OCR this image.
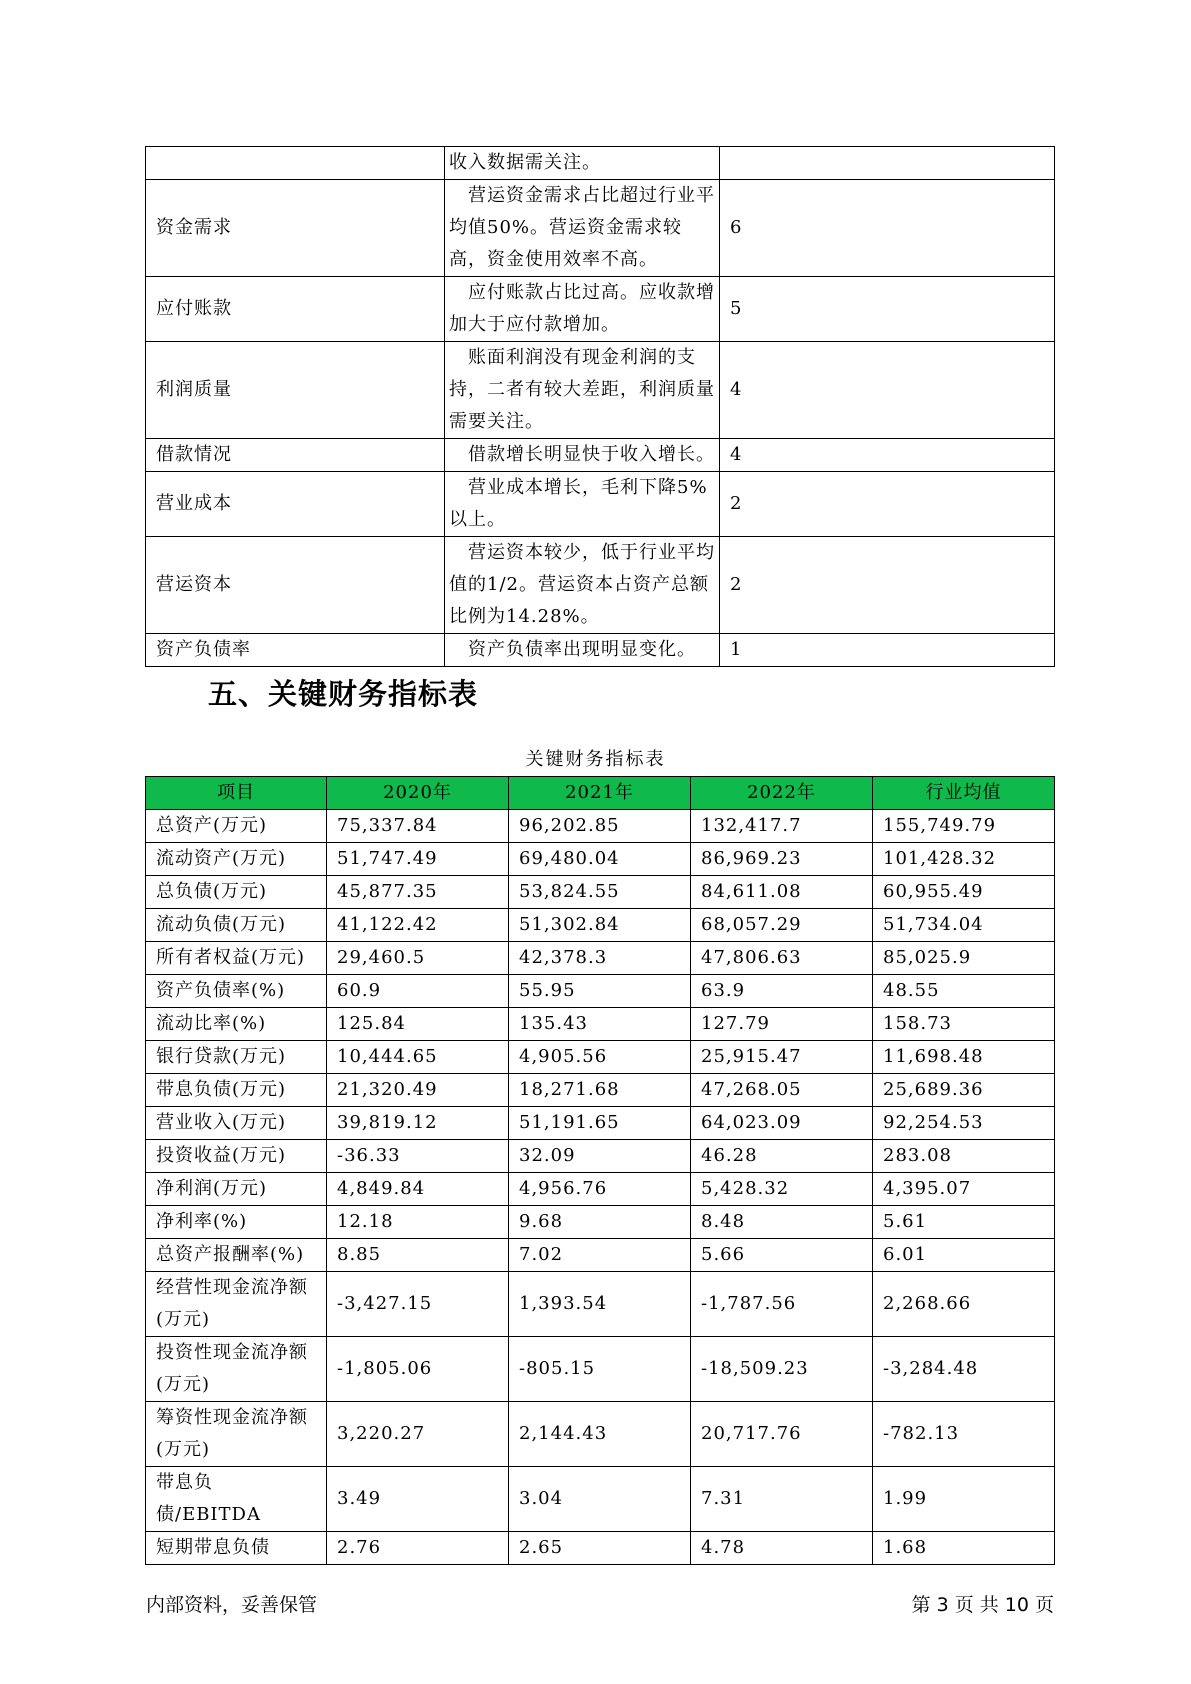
	收入数据需关注。	
资金需求	　营运资金需求占比超过行业平均值50%。营运资金需求较高，资金使用效率不高。	6
应付账款	　应付账款占比过高。应收款增加大于应付款增加。	5
利润质量	　账面利润没有现金利润的支持，二者有较大差距，利润质量需要关注。	4
借款情况	　借款增长明显快于收入增长。	4
营业成本	　营业成本增长，毛利下降5%以上。	2
营运资本	　营运资本较少，低于行业平均值的1/2。营运资本占资产总额比例为14.28%。	2
资产负债率	　资产负债率出现明显变化。	1
五、关键财务指标表
关键财务指标表
项目	2020年	2021年	2022年	行业均值
总资产(万元)	75,337.84	96,202.85	132,417.7	155,749.79
流动资产(万元)	51,747.49	69,480.04	86,969.23	101,428.32
总负债(万元)	45,877.35	53,824.55	84,611.08	60,955.49
流动负债(万元)	41,122.42	51,302.84	68,057.29	51,734.04
所有者权益(万元)	29,460.5	42,378.3	47,806.63	85,025.9
资产负债率(%)	60.9	55.95	63.9	48.55
流动比率(%)	125.84	135.43	127.79	158.73
银行贷款(万元)	10,444.65	4,905.56	25,915.47	11,698.48
带息负债(万元)	21,320.49	18,271.68	47,268.05	25,689.36
营业收入(万元)	39,819.12	51,191.65	64,023.09	92,254.53
投资收益(万元)	-36.33	32.09	46.28	283.08
净利润(万元)	4,849.84	4,956.76	5,428.32	4,395.07
净利率(%)	12.18	9.68	8.48	5.61
总资产报酬率(%)	8.85	7.02	5.66	6.01
经营性现金流净额(万元)	-3,427.15	1,393.54	-1,787.56	2,268.66
投资性现金流净额(万元)	-1,805.06	-805.15	-18,509.23	-3,284.48
筹资性现金流净额(万元)	3,220.27	2,144.43	20,717.76	-782.13
带息负债/EBITDA	3.49	3.04	7.31	1.99
短期带息负债	2.76	2.65	4.78	1.68
内部资料，妥善保管	第 3 页 共 10 页
